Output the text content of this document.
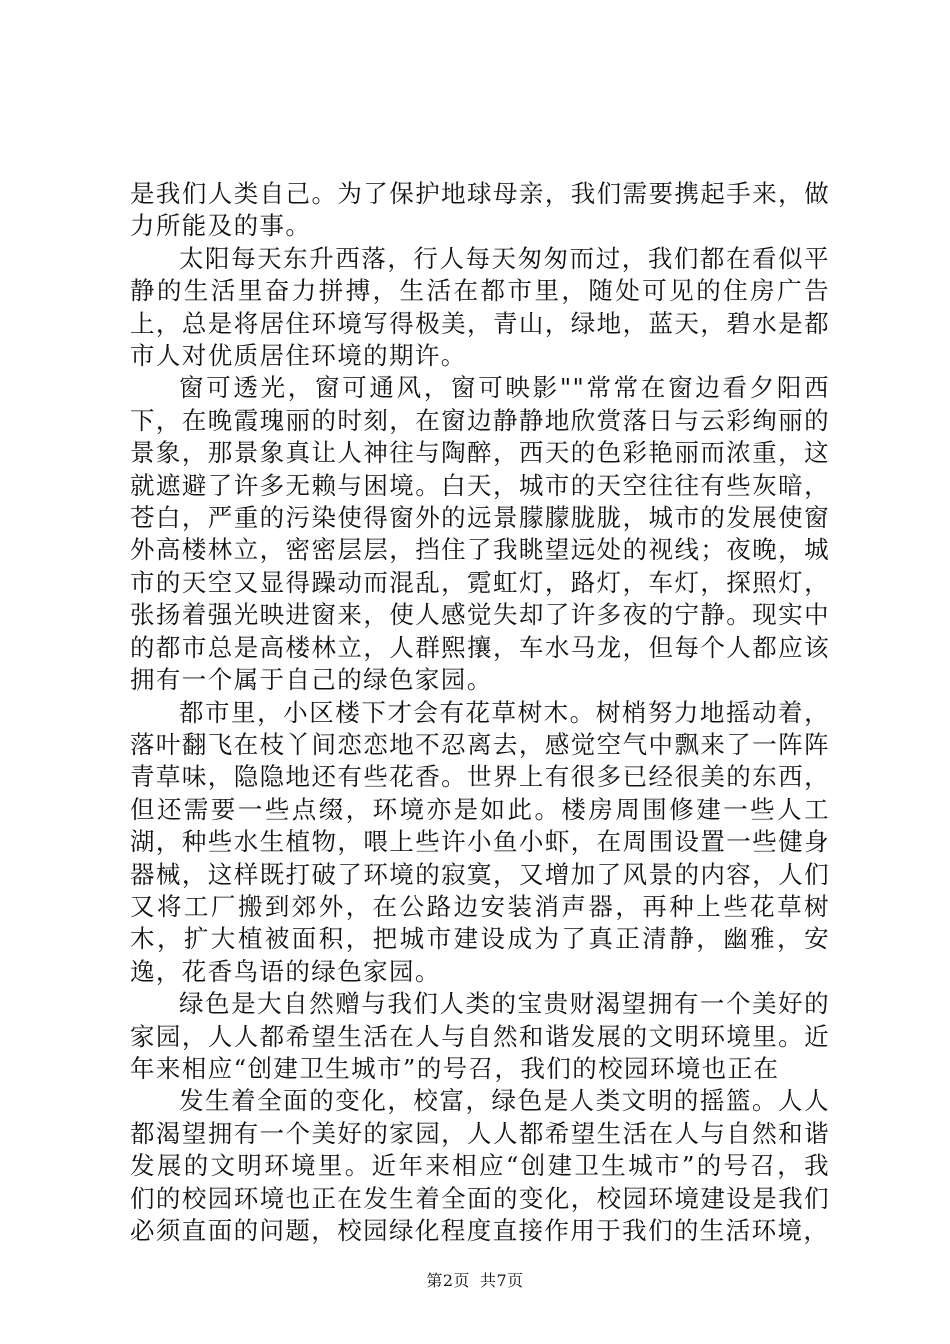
是我们人类自己。为了保护地球母亲，我们需要携起手来，做力所能及的事。

太阳每天东升西落，行人每天匆匆而过，我们都在看似平静的生活里奋力拼搏，生活在都市里，随处可见的住房广告上，总是将居住环境写得极美，青山，绿地，蓝天，碧水是都市人对优质居住环境的期许。

窗可透光，窗可通风，窗可映影""常常在窗边看夕阳西下，在晚霞瑰丽的时刻，在窗边静静地欣赏落日与云彩绚丽的景象，那景象真让人神往与陶醉，西天的色彩艳丽而浓重，这就遮避了许多无赖与困境。白天，城市的天空往往有些灰暗，苍白，严重的污染使得窗外的远景朦朦胧胧，城市的发展使窗外高楼林立，密密层层，挡住了我眺望远处的视线；夜晚，城市的天空又显得躁动而混乱，霓虹灯，路灯，车灯，探照灯，张扬着强光映进窗来，使人感觉失却了许多夜的宁静。现实中的都市总是高楼林立，人群熙攘，车水马龙，但每个人都应该拥有一个属于自己的绿色家园。

都市里，小区楼下才会有花草树木。树梢努力地摇动着，落叶翻飞在枝丫间恋恋地不忍离去，感觉空气中飘来了一阵阵青草味，隐隐地还有些花香。世界上有很多已经很美的东西，但还需要一些点缀，环境亦是如此。楼房周围修建一些人工湖，种些水生植物，喂上些许小鱼小虾，在周围设置一些健身器械，这样既打破了环境的寂寞，又增加了风景的内容，人们又将工厂搬到郊外，在公路边安装消声器，再种上些花草树木，扩大植被面积，把城市建设成为了真正清静，幽雅，安逸，花香鸟语的绿色家园。

绿色是大自然赠与我们人类的宝贵财渴望拥有一个美好的家园，人人都希望生活在人与自然和谐发展的文明环境里。近年来相应“创建卫生城市”的号召，我们的校园环境也正在

发生着全面的变化，校富，绿色是人类文明的摇篮。人人都渴望拥有一个美好的家园，人人都希望生活在人与自然和谐发展的文明环境里。近年来相应“创建卫生城市”的号召，我们的校园环境也正在发生着全面的变化，校园环境建设是我们必须直面的问题，校园绿化程度直接作用于我们的生活环境，

第2页 共7页
